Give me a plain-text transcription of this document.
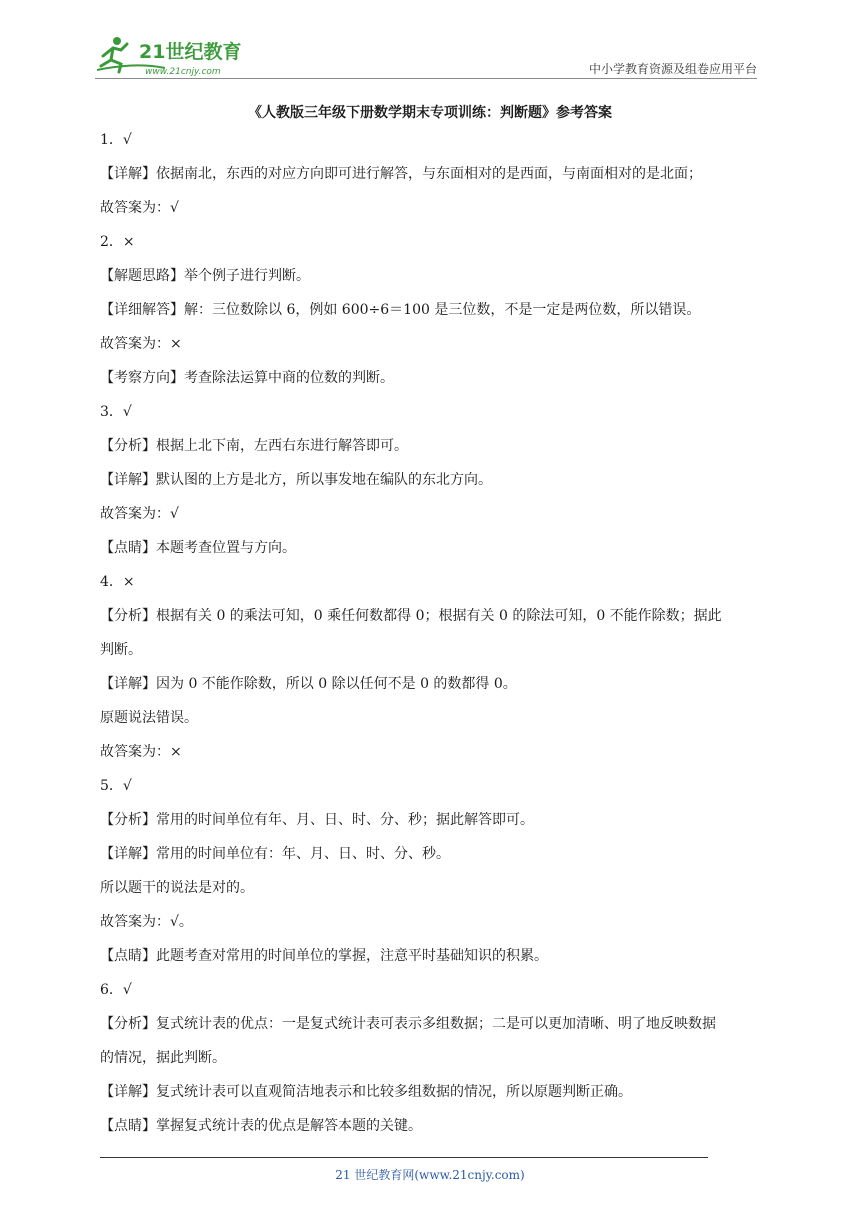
21世纪教育
www.21cnjy.com	中小学教育资源及组卷应用平台
《人教版三年级下册数学期末专项训练：判断题》参考答案

1．√

【详解】依据南北，东西的对应方向即可进行解答，与东面相对的是西面，与南面相对的是北面；

故答案为：√

2．×

【解题思路】举个例子进行判断。

【详细解答】解：三位数除以 6，例如 600÷6＝100 是三位数，不是一定是两位数，所以错误。

故答案为：×

【考察方向】考查除法运算中商的位数的判断。

3．√

【分析】根据上北下南，左西右东进行解答即可。

【详解】默认图的上方是北方，所以事发地在编队的东北方向。

故答案为：√

【点睛】本题考查位置与方向。

4．×

【分析】根据有关 0 的乘法可知，0 乘任何数都得 0；根据有关 0 的除法可知，0 不能作除数；据此

判断。

【详解】因为 0 不能作除数，所以 0 除以任何不是 0 的数都得 0。

原题说法错误。

故答案为：×

5．√

【分析】常用的时间单位有年、月、日、时、分、秒；据此解答即可。

【详解】常用的时间单位有：年、月、日、时、分、秒。

所以题干的说法是对的。

故答案为：√。

【点睛】此题考查对常用的时间单位的掌握，注意平时基础知识的积累。

6．√

【分析】复式统计表的优点：一是复式统计表可表示多组数据；二是可以更加清晰、明了地反映数据

的情况，据此判断。

【详解】复式统计表可以直观简洁地表示和比较多组数据的情况，所以原题判断正确。

【点睛】掌握复式统计表的优点是解答本题的关键。

21 世纪教育网(www.21cnjy.com)
